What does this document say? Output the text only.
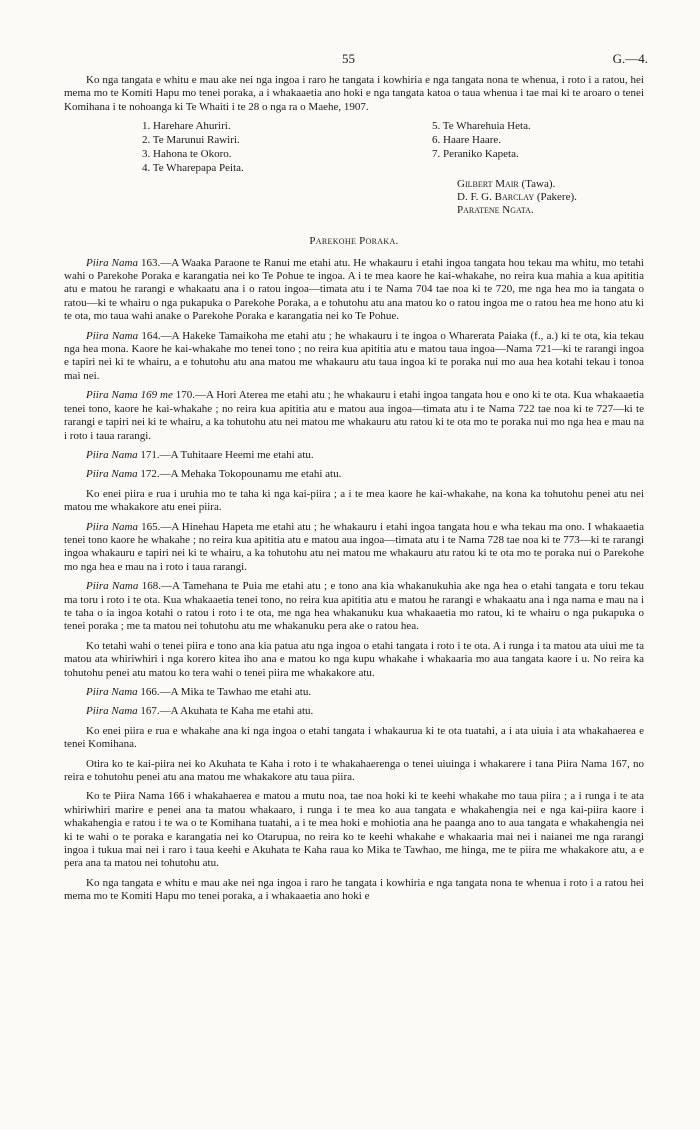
55	G.—4.

Ko nga tangata e whitu e mau ake nei nga ingoa i raro he tangata i kowhiria e nga tangata nona te whenua, i roto i a ratou, hei mema mo te Komiti Hapu mo tenei poraka, a i whakaaetia ano hoki e nga tangata katoa o taua whenua i tae mai ki te aroaro o tenei Komihana i te nohoanga ki Te Whaiti i te 28 o nga ra o Maehe, 1907.

1. Harehare Ahuriri.
2. Te Marunui Rawiri.
3. Hahona te Okoro.
4. Te Wharepapa Peita.
5. Te Wharehuia Heta.
6. Haare Haare.
7. Peraniko Kapeta.
Gilbert Mair (Tawa).
D. F. G. Barclay (Pakere).
Paratene Ngata.
Parekohe Poraka.

Piira Nama 163.—A Waaka Paraone te Ranui me etahi atu. He whakauru i etahi ingoa tangata hou tekau ma whitu, mo tetahi wahi o Parekohe Poraka e karangatia nei ko Te Pohue te ingoa. A i te mea kaore he kai-whakahe, no reira kua mahia a kua apititia atu e matou he rarangi e whakaatu ana i o ratou ingoa—timata atu i te Nama 704 tae noa ki te 720, me nga hea mo ia tangata o ratou—ki te whairu o nga pukapuka o Parekohe Poraka, a e tohutohu atu ana matou ko o ratou ingoa me o ratou hea me hono atu ki te ota, mo taua wahi anake o Parekohe Poraka e karangatia nei ko Te Pohue.

Piira Nama 164.—A Hakeke Tamaikoha me etahi atu ; he whakauru i te ingoa o Wharerata Paiaka (f., a.) ki te ota, kia tekau nga hea mona. Kaore he kai-whakahe mo tenei tono ; no reira kua apititia atu e matou taua ingoa—Nama 721—ki te rarangi ingoa e tapiri nei ki te whairu, a e tohutohu atu ana matou me whakauru atu taua ingoa ki te poraka nui mo aua hea kotahi tekau i tonoa mai nei.

Piira Nama 169 me 170.—A Hori Aterea me etahi atu ; he whakauru i etahi ingoa tangata hou e ono ki te ota. Kua whakaaetia tenei tono, kaore he kai-whakahe ; no reira kua apititia atu e matou aua ingoa—timata atu i te Nama 722 tae noa ki te 727—ki te rarangi e tapiri nei ki te whairu, a ka tohutohu atu nei matou me whakauru atu ratou ki te ota mo te poraka nui mo nga hea e mau na i roto i taua rarangi.

Piira Nama 171.—A Tuhitaare Heemi me etahi atu.

Piira Nama 172.—A Mehaka Tokopounamu me etahi atu.

Ko enei piira e rua i uruhia mo te taha ki nga kai-piira ; a i te mea kaore he kai-whakahe, na kona ka tohutohu penei atu nei matou me whakakore atu enei piira.

Piira Nama 165.—A Hinehau Hapeta me etahi atu ; he whakauru i etahi ingoa tangata hou e wha tekau ma ono. I whakaaetia tenei tono kaore he whakahe ; no reira kua apititia atu e matou aua ingoa—timata atu i te Nama 728 tae noa ki te 773—ki te rarangi ingoa whakauru e tapiri nei ki te whairu, a ka tohutohu atu nei matou me whakauru atu ratou ki te ota mo te poraka nui o Parekohe mo nga hea e mau na i roto i taua rarangi.

Piira Nama 168.—A Tamehana te Puia me etahi atu ; e tono ana kia whakanukuhia ake nga hea o etahi tangata e toru tekau ma toru i roto i te ota. Kua whakaaetia tenei tono, no reira kua apititia atu e matou he rarangi e whakaatu ana i nga nama e mau na i te taha o ia ingoa kotahi o ratou i roto i te ota, me nga hea whakanuku kua whakaaetia mo ratou, ki te whairu o nga pukapuka o tenei poraka ; me ta matou nei tohutohu atu me whakanuku pera ake o ratou hea.

Ko tetahi wahi o tenei piira e tono ana kia patua atu nga ingoa o etahi tangata i roto i te ota. A i runga i ta matou ata uiui me ta matou ata whiriwhiri i nga korero kitea iho ana e matou ko nga kupu whakahe i whakaaria mo aua tangata kaore i u. No reira ka tohutohu penei atu matou ko tera wahi o tenei piira me whakakore atu.

Piira Nama 166.—A Mika te Tawhao me etahi atu.

Piira Nama 167.—A Akuhata te Kaha me etahi atu.

Ko enei piira e rua e whakahe ana ki nga ingoa o etahi tangata i whakaurua ki te ota tuatahi, a i ata uiuia i ata whakahaerea e tenei Komihana.

Otira ko te kai-piira nei ko Akuhata te Kaha i roto i te whakahaerenga o tenei uiuinga i whakarere i tana Piira Nama 167, no reira e tohutohu penei atu ana matou me whakakore atu taua piira.

Ko te Piira Nama 166 i whakahaerea e matou a mutu noa, tae noa hoki ki te keehi whakahe mo taua piira ; a i runga i te ata whiriwhiri marire e penei ana ta matou whakaaro, i runga i te mea ko aua tangata e whakahengia nei e nga kai-piira kaore i whakahengia e ratou i te wa o te Komihana tuatahi, a i te mea hoki e mohiotia ana he paanga ano to aua tangata e whakahengia nei ki te wahi o te poraka e karangatia nei ko Otarupua, no reira ko te keehi whakahe e whakaaria mai nei i naianei me nga rarangi ingoa i tukua mai nei i raro i taua keehi e Akuhata te Kaha raua ko Mika te Tawhao, me hinga, me te piira me whakakore atu, a e pera ana ta matou nei tohutohu atu.

Ko nga tangata e whitu e mau ake nei nga ingoa i raro he tangata i kowhiria e nga tangata nona te whenua i roto i a ratou hei mema mo te Komiti Hapu mo tenei poraka, a i whakaaetia ano hoki e
